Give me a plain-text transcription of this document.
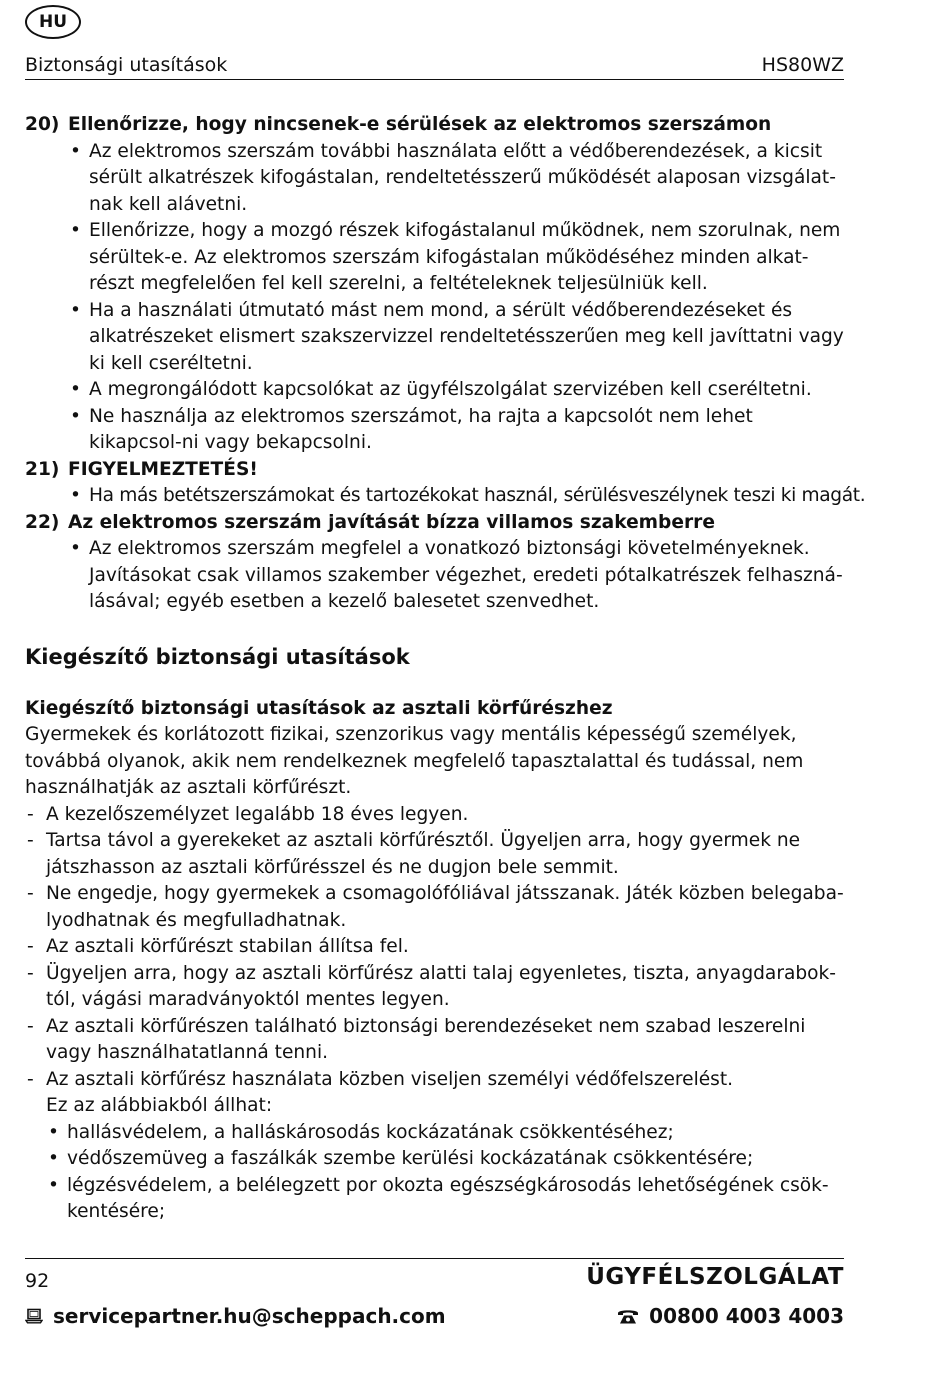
HU
Biztonsági utasítások	HS80WZ
20) Ellenőrizze, hogy nincsenek-e sérülések az elektromos szerszámon
• Az elektromos szerszám további használata előtt a védőberendezések, a kicsit sérült alkatrészek kifogástalan, rendeltetésszerű működését alaposan vizsgálat-nak kell alávetni.
• Ellenőrizze, hogy a mozgó részek kifogástalanul működnek, nem szorulnak, nem sérültek-e. Az elektromos szerszám kifogástalan működéséhez minden alkat-részt megfelelően fel kell szerelni, a feltételeknek teljesülniük kell.
• Ha a használati útmutató mást nem mond, a sérült védőberendezéseket és alkatrészeket elismert szakszervizzel rendeltetésszerűen meg kell javíttatni vagy ki kell cseréltetni.
• A megrongálódott kapcsolókat az ügyfélszolgálat szervizében kell cseréltetni.
• Ne használja az elektromos szerszámot, ha rajta a kapcsolót nem lehet kikapcsol-ni vagy bekapcsolni.
21) FIGYELMEZTETÉS!
• Ha más betétszerszámokat és tartozékokat használ, sérülésveszélynek teszi ki magát.
22) Az elektromos szerszám javítását bízza villamos szakemberre
• Az elektromos szerszám megfelel a vonatkozó biztonsági követelményeknek. Javításokat csak villamos szakember végezhet, eredeti pótalkatrészek felhaszná-lásával; egyéb esetben a kezelő balesetet szenvedhet.
Kiegészítő biztonsági utasítások
Kiegészítő biztonsági utasítások az asztali körfűrészhez
Gyermekek és korlátozott fizikai, szenzorikus vagy mentális képességű személyek, továbbá olyanok, akik nem rendelkeznek megfelelő tapasztalattal és tudással, nem használhatják az asztali körfűrészt.
- A kezelőszemélyzet legalább 18 éves legyen.
- Tartsa távol a gyerekeket az asztali körfűrésztől. Ügyeljen arra, hogy gyermek ne játszhasson az asztali körfűrésszel és ne dugjon bele semmit.
- Ne engedje, hogy gyermekek a csomagolófóliával játsszanak. Játék közben belegaba-lyodhatnak és megfulladhatnak.
- Az asztali körfűrészt stabilan állítsa fel.
- Ügyeljen arra, hogy az asztali körfűrész alatti talaj egyenletes, tiszta, anyagdarabok-tól, vágási maradványoktól mentes legyen.
- Az asztali körfűrészen található biztonsági berendezéseket nem szabad leszerelni vagy használhatatlanná tenni.
- Az asztali körfűrész használata közben viseljen személyi védőfelszerelést.
Ez az alábbiakból állhat:
• hallásvédelem, a halláskárosodás kockázatának csökkentéséhez;
• védőszemüveg a faszálkák szembe kerülési kockázatának csökkentésére;
• légzésvédelem, a belélegzett por okozta egészségkárosodás lehetőségének csök-kentésére;
92	ÜGYFÉLSZOLGÁLAT
servicepartner.hu@scheppach.com	00800 4003 4003
